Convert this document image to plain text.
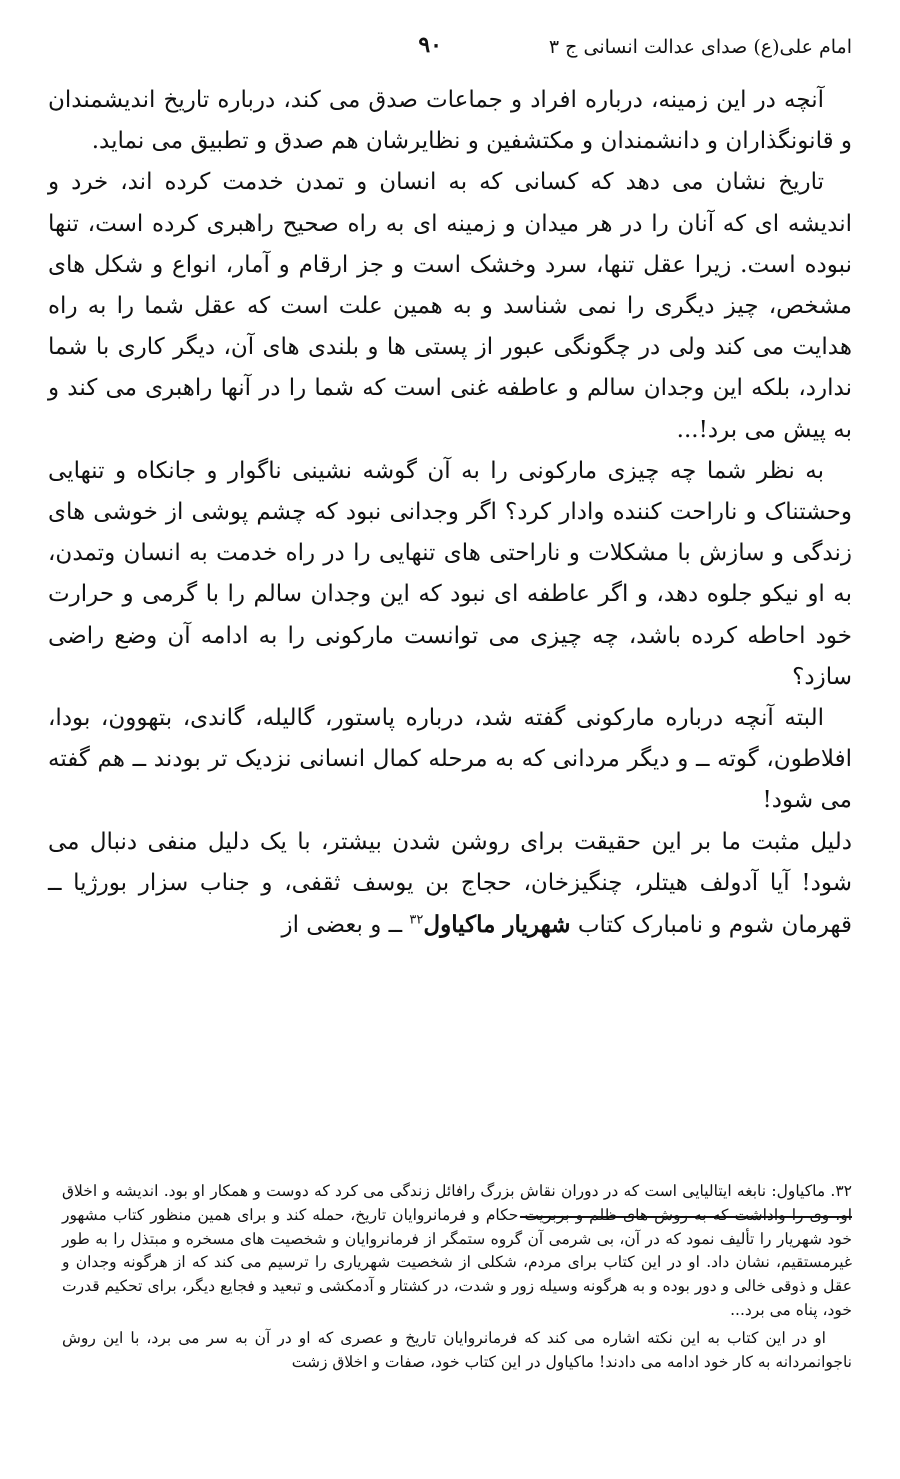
امام علی(ع) صدای عدالت انسانی ج ۳
۹۰

آنچه در این زمینه، درباره افراد و جماعات صدق می کند، درباره تاریخ اندیشمندان و قانونگذاران و دانشمندان و مکتشفین و نظایرشان هم صدق و تطبیق می نماید.

تاریخ نشان می دهد که کسانی که به انسان و تمدن خدمت کرده اند، خرد و اندیشه ای که آنان را در هر میدان و زمینه ای به راه صحیح راهبری کرده است، تنها نبوده است. زیرا عقل تنها، سرد وخشک است و جز ارقام و آمار، انواع و شکل های مشخص، چیز دیگری را نمی شناسد و به همین علت است که عقل شما را به راه هدایت می کند ولی در چگونگی عبور از پستی ها و بلندی های آن، دیگر کاری با شما ندارد، بلکه این وجدان سالم و عاطفه غنی است که شما را در آنها راهبری می کند و به پیش می برد!...

به نظر شما چه چیزی مارکونی را به آن گوشه نشینی ناگوار و جانکاه و تنهایی وحشتناک و ناراحت کننده وادار کرد؟ اگر وجدانی نبود که چشم پوشی از خوشی های زندگی و سازش با مشکلات و ناراحتی های تنهایی را در راه خدمت به انسان وتمدن، به او نیکو جلوه دهد، و اگر عاطفه ای نبود که این وجدان سالم را با گرمی و حرارت خود احاطه کرده باشد، چه چیزی می توانست مارکونی را به ادامه آن وضع راضی سازد؟

البته آنچه درباره مارکونی گفته شد، درباره پاستور، گالیله، گاندی، بتهوون، بودا، افلاطون، گوته ــ و دیگر مردانی که به مرحله کمال انسانی نزدیک تر بودند ــ هم گفته می شود!

دلیل مثبت ما بر این حقیقت برای روشن شدن بیشتر، با یک دلیل منفی دنبال می شود! آیا آدولف هیتلر، چنگیزخان، حجاج بن یوسف ثقفی، و جناب سزار بورژیا ــ قهرمان شوم و نامبارک کتاب شهریار ماکیاول$^{۳۲}$ ــ و بعضی از

۳۲. ماکیاول: نابغه ایتالیایی است که در دوران نقاش بزرگ رافائل زندگی می کرد که دوست و همکار او بود. اندیشه و اخلاق او، وی را واداشت که به روش های ظلم و بربریت حکام و فرمانروایان تاریخ، حمله کند و برای همین منظور کتاب مشهور خود شهریار را تألیف نمود که در آن، بی شرمی آن گروه ستمگر از فرمانروایان و شخصیت های مسخره و مبتذل را به طور غیرمستقیم، نشان داد. او در این کتاب برای مردم، شکلی از شخصیت شهریاری را ترسیم می کند که از هرگونه وجدان و عقل و ذوقی خالی و دور بوده و به هرگونه وسیله زور و شدت، در کشتار و آدمکشی و تبعید و فجایع دیگر، برای تحکیم قدرت خود، پناه می برد...

او در این کتاب به این نکته اشاره می کند که فرمانروایان تاریخ و عصری که او در آن به سر می برد، با این روش ناجوانمردانه به کار خود ادامه می دادند! ماکیاول در این کتاب خود، صفات و اخلاق زشت
